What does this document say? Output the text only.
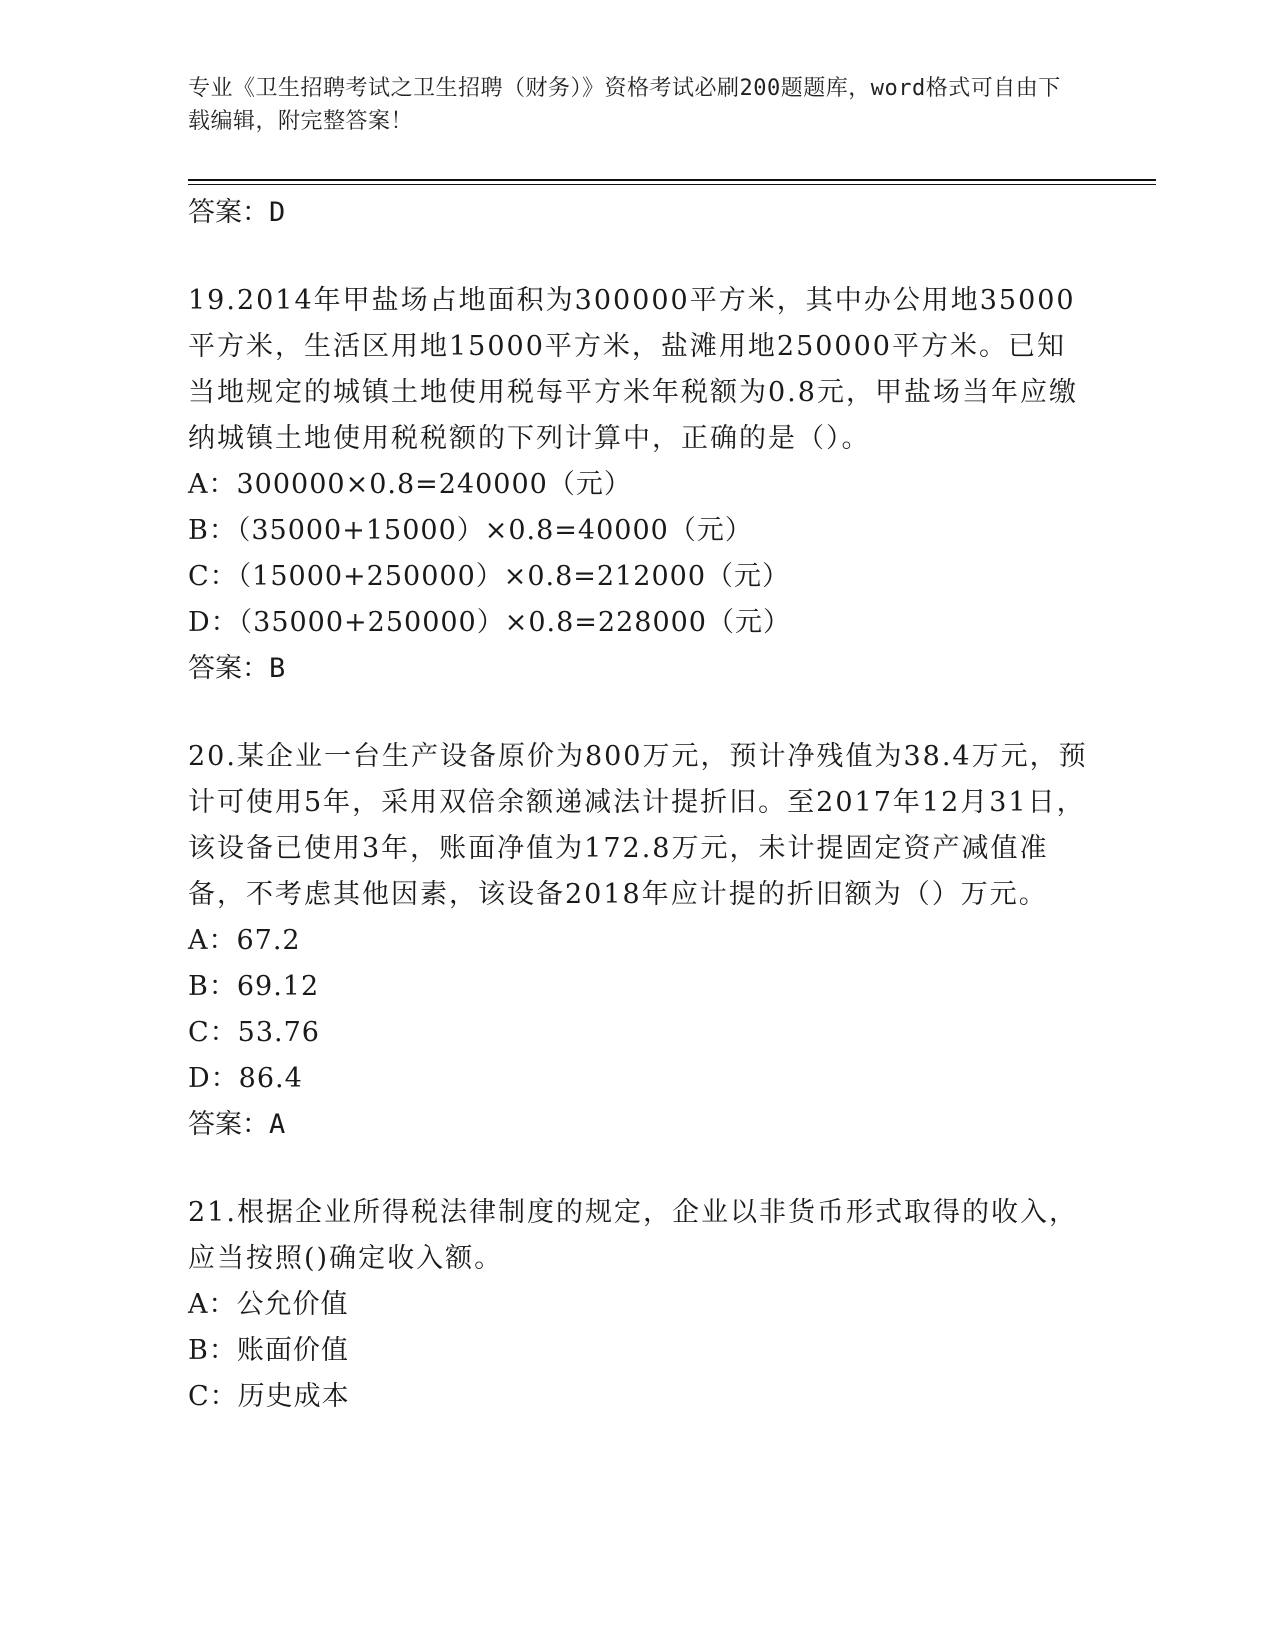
专业《卫生招聘考试之卫生招聘（财务）》资格考试必刷200题题库，word格式可自由下载编辑，附完整答案！

答案：D

19.2014年甲盐场占地面积为300000平方米，其中办公用地35000平方米，生活区用地15000平方米，盐滩用地250000平方米。已知当地规定的城镇土地使用税每平方米年税额为0.8元，甲盐场当年应缴纳城镇土地使用税税额的下列计算中，正确的是（）。

A：300000×0.8=240000（元）

B：（35000+15000）×0.8=40000（元）

C：（15000+250000）×0.8=212000（元）

D：（35000+250000）×0.8=228000（元）

答案：B

20.某企业一台生产设备原价为800万元，预计净残值为38.4万元，预计可使用5年，采用双倍余额递减法计提折旧。至2017年12月31日，该设备已使用3年，账面净值为172.8万元，未计提固定资产减值准备，不考虑其他因素，该设备2018年应计提的折旧额为（）万元。

A：67.2

B：69.12

C：53.76

D：86.4

答案：A

21.根据企业所得税法律制度的规定，企业以非货币形式取得的收入，应当按照()确定收入额。

A：公允价值

B：账面价值

C：历史成本
